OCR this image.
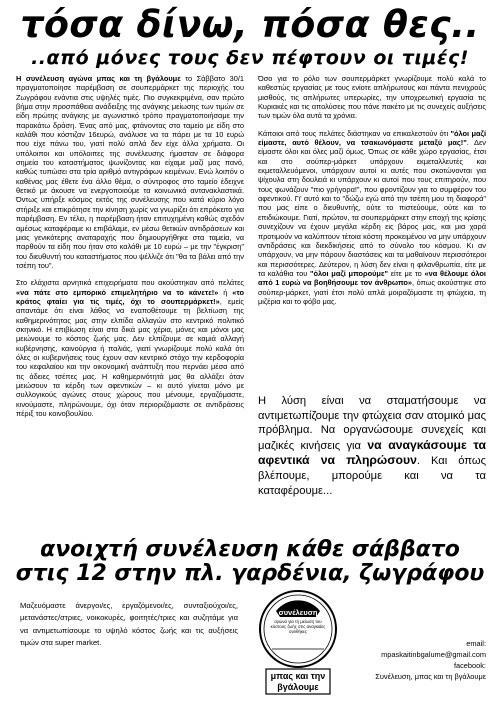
τόσα δίνω, πόσα θες..
..από μόνες τους δεν πέφτουν οι τιμές!

Η συνέλευση αγώνα μπας και τη βγάλουμε το Σάββατο 30/1 πραγματοποίησε παρέμβαση σε σουπερμάρκετ της περιοχής του Ζωγράφου ενάντια στις υψηλές τιμές. Πιο συγκεκριμένα, σαν πρώτο βήμα στην προσπάθεια ανάδειξης της ανάγκης μείωσης των τιμών σε είδη πρώτης ανάγκης με αγωνιστικό τρόπο πραγματοποιήσαμε την παρακάτω δράση. Ένας από μας, φτάνοντας στο ταμείο με είδη στο καλάθι που κόστιζαν 16ευρώ, ανάλυσε να τα πάρει με τα 10 ευρώ που είχε πάνω του, γιατί πολύ απλά δεν είχε άλλα χρήματα. Οι υπόλοιποι και υπόλοιπες της συνέλευσης ήμασταν σε διάφορα σημεία του καταστήματος ψωνίζοντας και είχαμε μαζί μας πανό, καθώς τυπώσει στα τρία αριθμό αντιγράφων κειμένων. Ενώ λοιπόν ο καθένας μας έθετε ένα άλλο θέμα, ο σύντροφος στο ταμείο έδειχνε θετικό με άκουσε να ενεργοποιούμε τα κοινωνικά αντανακλαστικά. Όντως υπήρξε κόσμος εκτός της συνέλευσης που κατά κύριο λόγο στήριξε και επικρότησε την κίνηση χωρίς να γνωρίζει ότι επρόκειτο για παρέμβαση. Εν τέλει, η παρέμβαση ήταν επιτυχημένη καθώς σχεδόν αμέσως καταφέραμε κι επιβάλαμε, εν μέσω θετικών αντιδράσεων και μιας γενικότερης αναταραχής που δημιουργήθηκε στα ταμεία, να παρθούν τα είδη που ήταν στο καλάθι με 10 ευρώ – με την "έγκριση" του διευθυντή του καταστήματος που ψέλλιζε ότι "θα τα βάλει από την τσέπη του".

Στο ελάχιστα αρνητικά επιχειρήματα που ακούστηκαν από πελάτες «να πάτε στο εμπορικό επιμελητήριο να το κάνετε!» ή «το κράτος φταίει για τις τιμές, όχι το σουπερμάρκετ!», εμείς απαντάμε ότι είναι λάθος να εναποθέτουμε τη βελτίωση της καθημερινότητας μας στην ελπίδα αλλαγών στο κεντρικό πολιτικό σκηνικό. Η επιβίωση είναι στα δικά μας χέρια, μόνες και μόνοι μας μειώνουμε το κόστος ζωής μας. Δεν ελπίζουμε σε καμιά αλλαγή κυβέρνησης, καινούργια ή παλιάς, γιατί γνωρίζουμε πολύ καλά ότι όλες οι κυβερνήσεις τους έχουν σαν κεντρικό στόχο την κερδοφορία του κεφαλαίου και την οικονομική ανάπτυξη που περνάει μέσα από τις άδειες τσέπες μας. Η καθημερινότητά μας θα αλλάξει όταν μειώσουν τα κέρδη των αφεντικών – κι αυτό γίνεται μόνο με συλλογικούς αγώνες στους χώρους που μένουμε, εργαζόμαστε, κινούμαστε, πληρώνουμε, όχι όταν περιοριζόμαστε σε αντιδράσεις πέριξ του κοινοβουλίου.

Όσο για το ρόλο των σουπερμάρκετ γνωρίζουμε πολύ καλά το καθεστώς εργασίας με τους ενίοτε απλήρωτους και πάντα πενιχρούς μισθούς, τις απλήρωτες υπερωρίες, την υποχρεωτική εργασία τις Κυριακές και τις απολύσεις που πάνε πακέτο με τις συνεχείς αυξήσεις των τιμών όλα αυτά τα χρόνια.

Κάποιοι από τους πελάτες διάστηκαν να επικαλεστούν ότι "όλοι μαζί είμαστε, αυτό θέλουν, να τσακωνόμαστε μεταξύ μας!". Δεν είμαστε όλοι και όλες μαζί όμως. Όπως σε κάθε χώρο εργασίας, έτσι και στο σούπερ-μάρκετ υπάρχουν εκμεταλλευτές και εκμεταλλευόμενοι, υπάρχουν αυτοί κι αυτές που σκοτώνονται για ψίχουλα στη δουλειά κι υπάρχουν κι αυτοί που τους επιτηρούν, που τους φωνάζουν "πιο γρήγορα!", που φροντίζουν για το συμφέρον του αφεντικού. Γι' αυτό και το "δώζω εγώ από την τσέπη μου τη διαφορά" που μας είπε ο διευθυντής, ούτε το πιστεύουμε, ούτε και το επιδιώκουμε. Γιατί, πρώτον, τα σουπερμάρκετ στην εποχή της κρίσης συνεχίζουν να έχουν μεγάλα κέρδη εις βάρος μας, και μια χαρά προτιμούν να καλύπτουν τέτοια κόστη προκειμένου να μην υπάρχουν αντιδράσεις και διεκδικήσεις από το σύνολο του κόσμου. Κι αν υπάρχουν, να μην πάρουν διαστάσεις και τα μαθαίνουν περισσότεροι και περισσότερες. Δεύτερον, η λύση δεν είναι η φιλανθρωπία, είτε με τα καλάθια του "όλοι μαζί μπορούμε" είτε με το «να θέλουμε όλοι από 1 ευρώ να βοηθήσουμε τον άνθρωπο», όπως ακούστηκε στο σούπερ-μάρκετ, γιατί έτσι πολύ απλά μοιραζόμαστε τη φτώχεια, τη μιζέρια και το φόβο μας.

Η λύση είναι να σταματήσουμε να αντιμετωπίζουμε την φτώχεια σαν ατομικό μας πρόβλημα. Να οργανώσουμε συνεχείς και μαζικές κινήσεις για να αναγκάσουμε τα αφεντικά να πληρώσουν. Και όπως βλέπουμε, μπορούμε και να τα καταφέρουμε...
ανοιχτή συνέλευση κάθε σάββατο
στις 12 στην πλ. γαρδένια, ζωγράφου
Μαζευόμαστε άνεργοι/ες, εργαζόμενοι/ες, συνταξιούχοι/ες, μετανάστες/στριες, νοικοκυρές, φοιτητές/τριες και συζητάμε για να αντιμετωπίσουμε το υψηλό κόστος ζωής και τις αυξήσεις τιμών στα super market.
συνέλευση
αγώνα για τη μείωση του κόστους ζωής στις αναγκαίες συνθήκες
μπας και την
βγάλουμε
email:
mpaskaitinbgalume@gmail.com
facebook:
Συνέλευση, μπας και τη βγάλουμε
